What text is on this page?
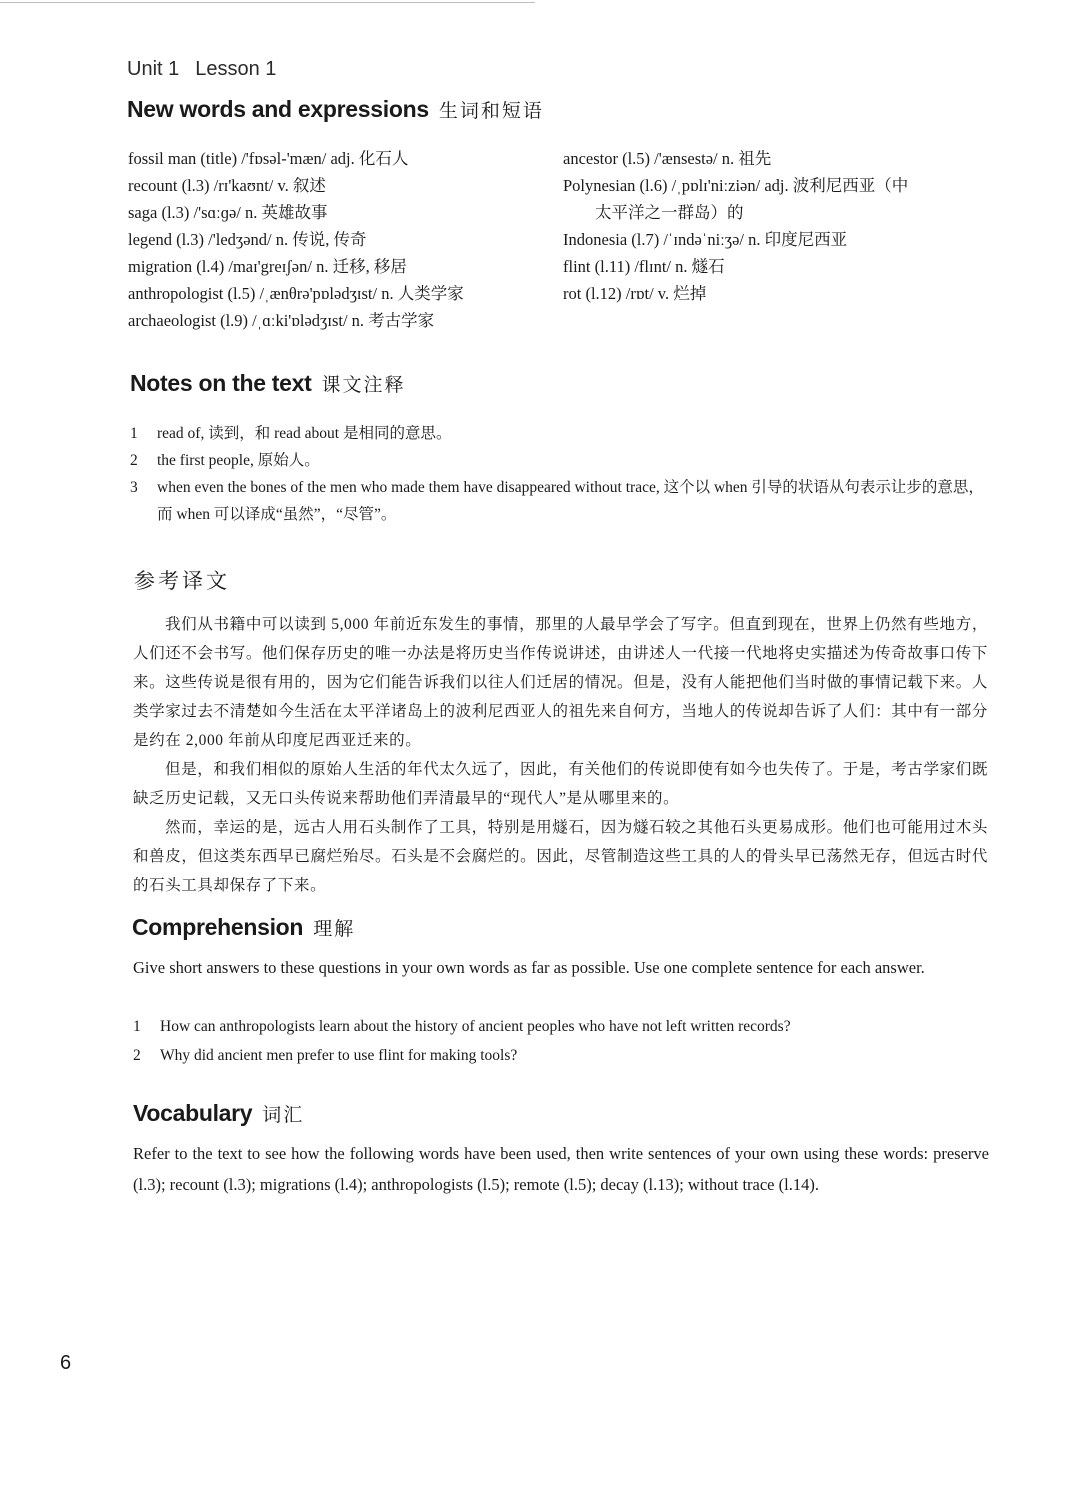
Unit 1 Lesson 1
New words and expressions 生词和短语
fossil man (title) /'fɒsəl-'mæn/ adj. 化石人
recount (l.3) /rɪ'kaʊnt/ v. 叙述
saga (l.3) /'sɑːɡə/ n. 英雄故事
legend (l.3) /'ledʒənd/ n. 传说, 传奇
migration (l.4) /maɪ'greɪʃən/ n. 迁移, 移居
anthropologist (l.5) /ˌænθrə'pɒlədʒɪst/ n. 人类学家
archaeologist (l.9) /ˌɑːki'ɒlədʒɪst/ n. 考古学家
ancestor (l.5) /'ænsestə/ n. 祖先
Polynesian (l.6) /ˌpɒlɪ'niːziən/ adj. 波利尼西亚（中
太平洋之一群岛）的
Indonesia (l.7) /ˈɪndəˈniːʒə/ n. 印度尼西亚
flint (l.11) /flɪnt/ n. 燧石
rot (l.12) /rɒt/ v. 烂掉
Notes on the text 课文注释
1	read of, 读到，和 read about 是相同的意思。
2	the first people, 原始人。
3	when even the bones of the men who made them have disappeared without trace, 这个以 when 引导的状语从句表示让步的意思，而 when 可以译成“虽然”，“尽管”。
参考译文

我们从书籍中可以读到 5,000 年前近东发生的事情，那里的人最早学会了写字。但直到现在，世界上仍然有些地方，人们还不会书写。他们保存历史的唯一办法是将历史当作传说讲述，由讲述人一代接一代地将史实描述为传奇故事口传下来。这些传说是很有用的，因为它们能告诉我们以往人们迁居的情况。但是，没有人能把他们当时做的事情记载下来。人类学家过去不清楚如今生活在太平洋诸岛上的波利尼西亚人的祖先来自何方，当地人的传说却告诉了人们：其中有一部分是约在 2,000 年前从印度尼西亚迁来的。

但是，和我们相似的原始人生活的年代太久远了，因此，有关他们的传说即使有如今也失传了。于是，考古学家们既缺乏历史记载，又无口头传说来帮助他们弄清最早的“现代人”是从哪里来的。

然而，幸运的是，远古人用石头制作了工具，特别是用燧石，因为燧石较之其他石头更易成形。他们也可能用过木头和兽皮，但这类东西早已腐烂殆尽。石头是不会腐烂的。因此，尽管制造这些工具的人的骨头早已荡然无存，但远古时代的石头工具却保存了下来。

Comprehension 理解
Give short answers to these questions in your own words as far as possible. Use one complete sentence for each answer.
1	How can anthropologists learn about the history of ancient peoples who have not left written records?
2	Why did ancient men prefer to use flint for making tools?
Vocabulary 词汇
Refer to the text to see how the following words have been used, then write sentences of your own using these words: preserve (l.3); recount (l.3); migrations (l.4); anthropologists (l.5); remote (l.5); decay (l.13); without trace (l.14).
6
